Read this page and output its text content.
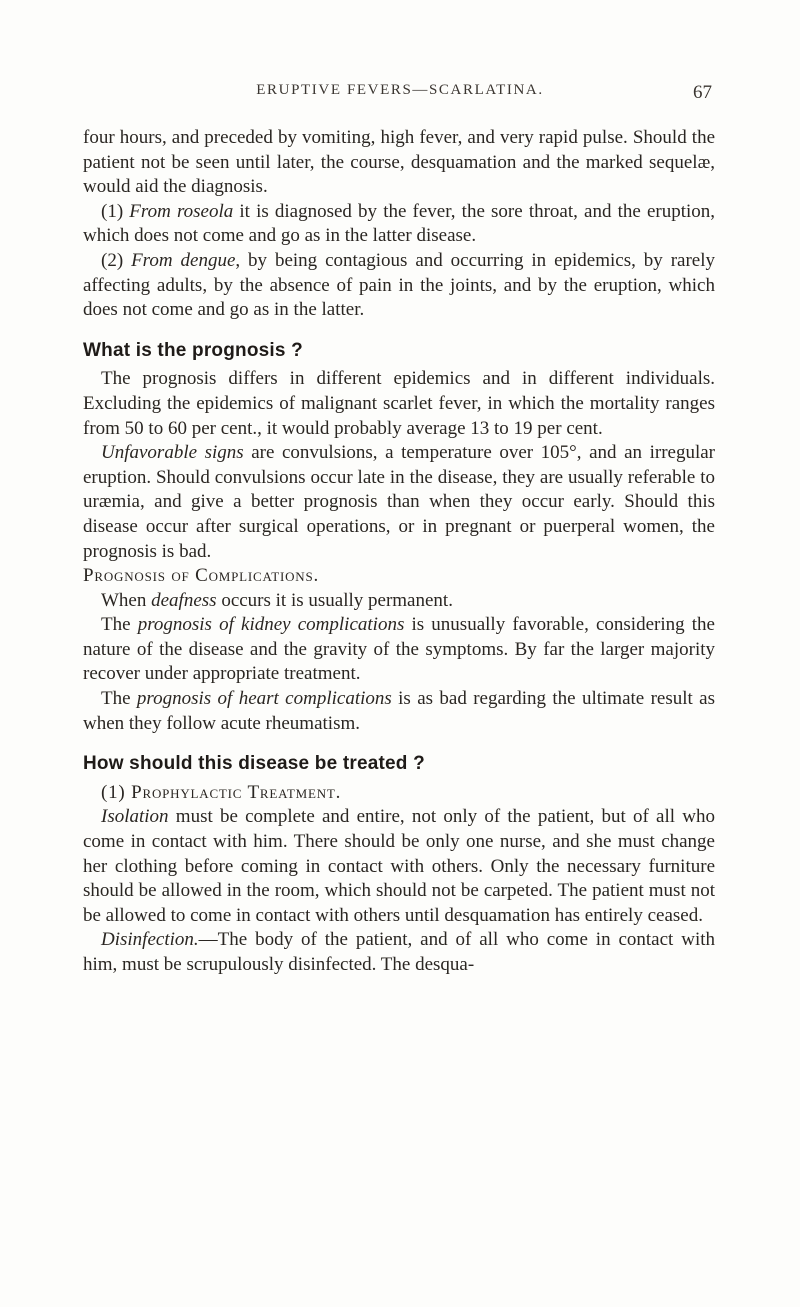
ERUPTIVE FEVERS—SCARLATINA.	67

four hours, and preceded by vomiting, high fever, and very rapid pulse. Should the patient not be seen until later, the course, desquamation and the marked sequelæ, would aid the diagnosis.

(1) From roseola it is diagnosed by the fever, the sore throat, and the eruption, which does not come and go as in the latter disease.

(2) From dengue, by being contagious and occurring in epidemics, by rarely affecting adults, by the absence of pain in the joints, and by the eruption, which does not come and go as in the latter.

What is the prognosis ?

The prognosis differs in different epidemics and in different individuals. Excluding the epidemics of malignant scarlet fever, in which the mortality ranges from 50 to 60 per cent., it would probably average 13 to 19 per cent.

Unfavorable signs are convulsions, a temperature over 105°, and an irregular eruption. Should convulsions occur late in the disease, they are usually referable to uræmia, and give a better prognosis than when they occur early. Should this disease occur after surgical operations, or in pregnant or puerperal women, the prognosis is bad.

Prognosis of Complications.

When deafness occurs it is usually permanent.

The prognosis of kidney complications is unusually favorable, considering the nature of the disease and the gravity of the symptoms. By far the larger majority recover under appropriate treatment.

The prognosis of heart complications is as bad regarding the ultimate result as when they follow acute rheumatism.

How should this disease be treated ?

(1) Prophylactic Treatment.

Isolation must be complete and entire, not only of the patient, but of all who come in contact with him. There should be only one nurse, and she must change her clothing before coming in contact with others. Only the necessary furniture should be allowed in the room, which should not be carpeted. The patient must not be allowed to come in contact with others until desquamation has entirely ceased.

Disinfection.—The body of the patient, and of all who come in contact with him, must be scrupulously disinfected. The desqua-
